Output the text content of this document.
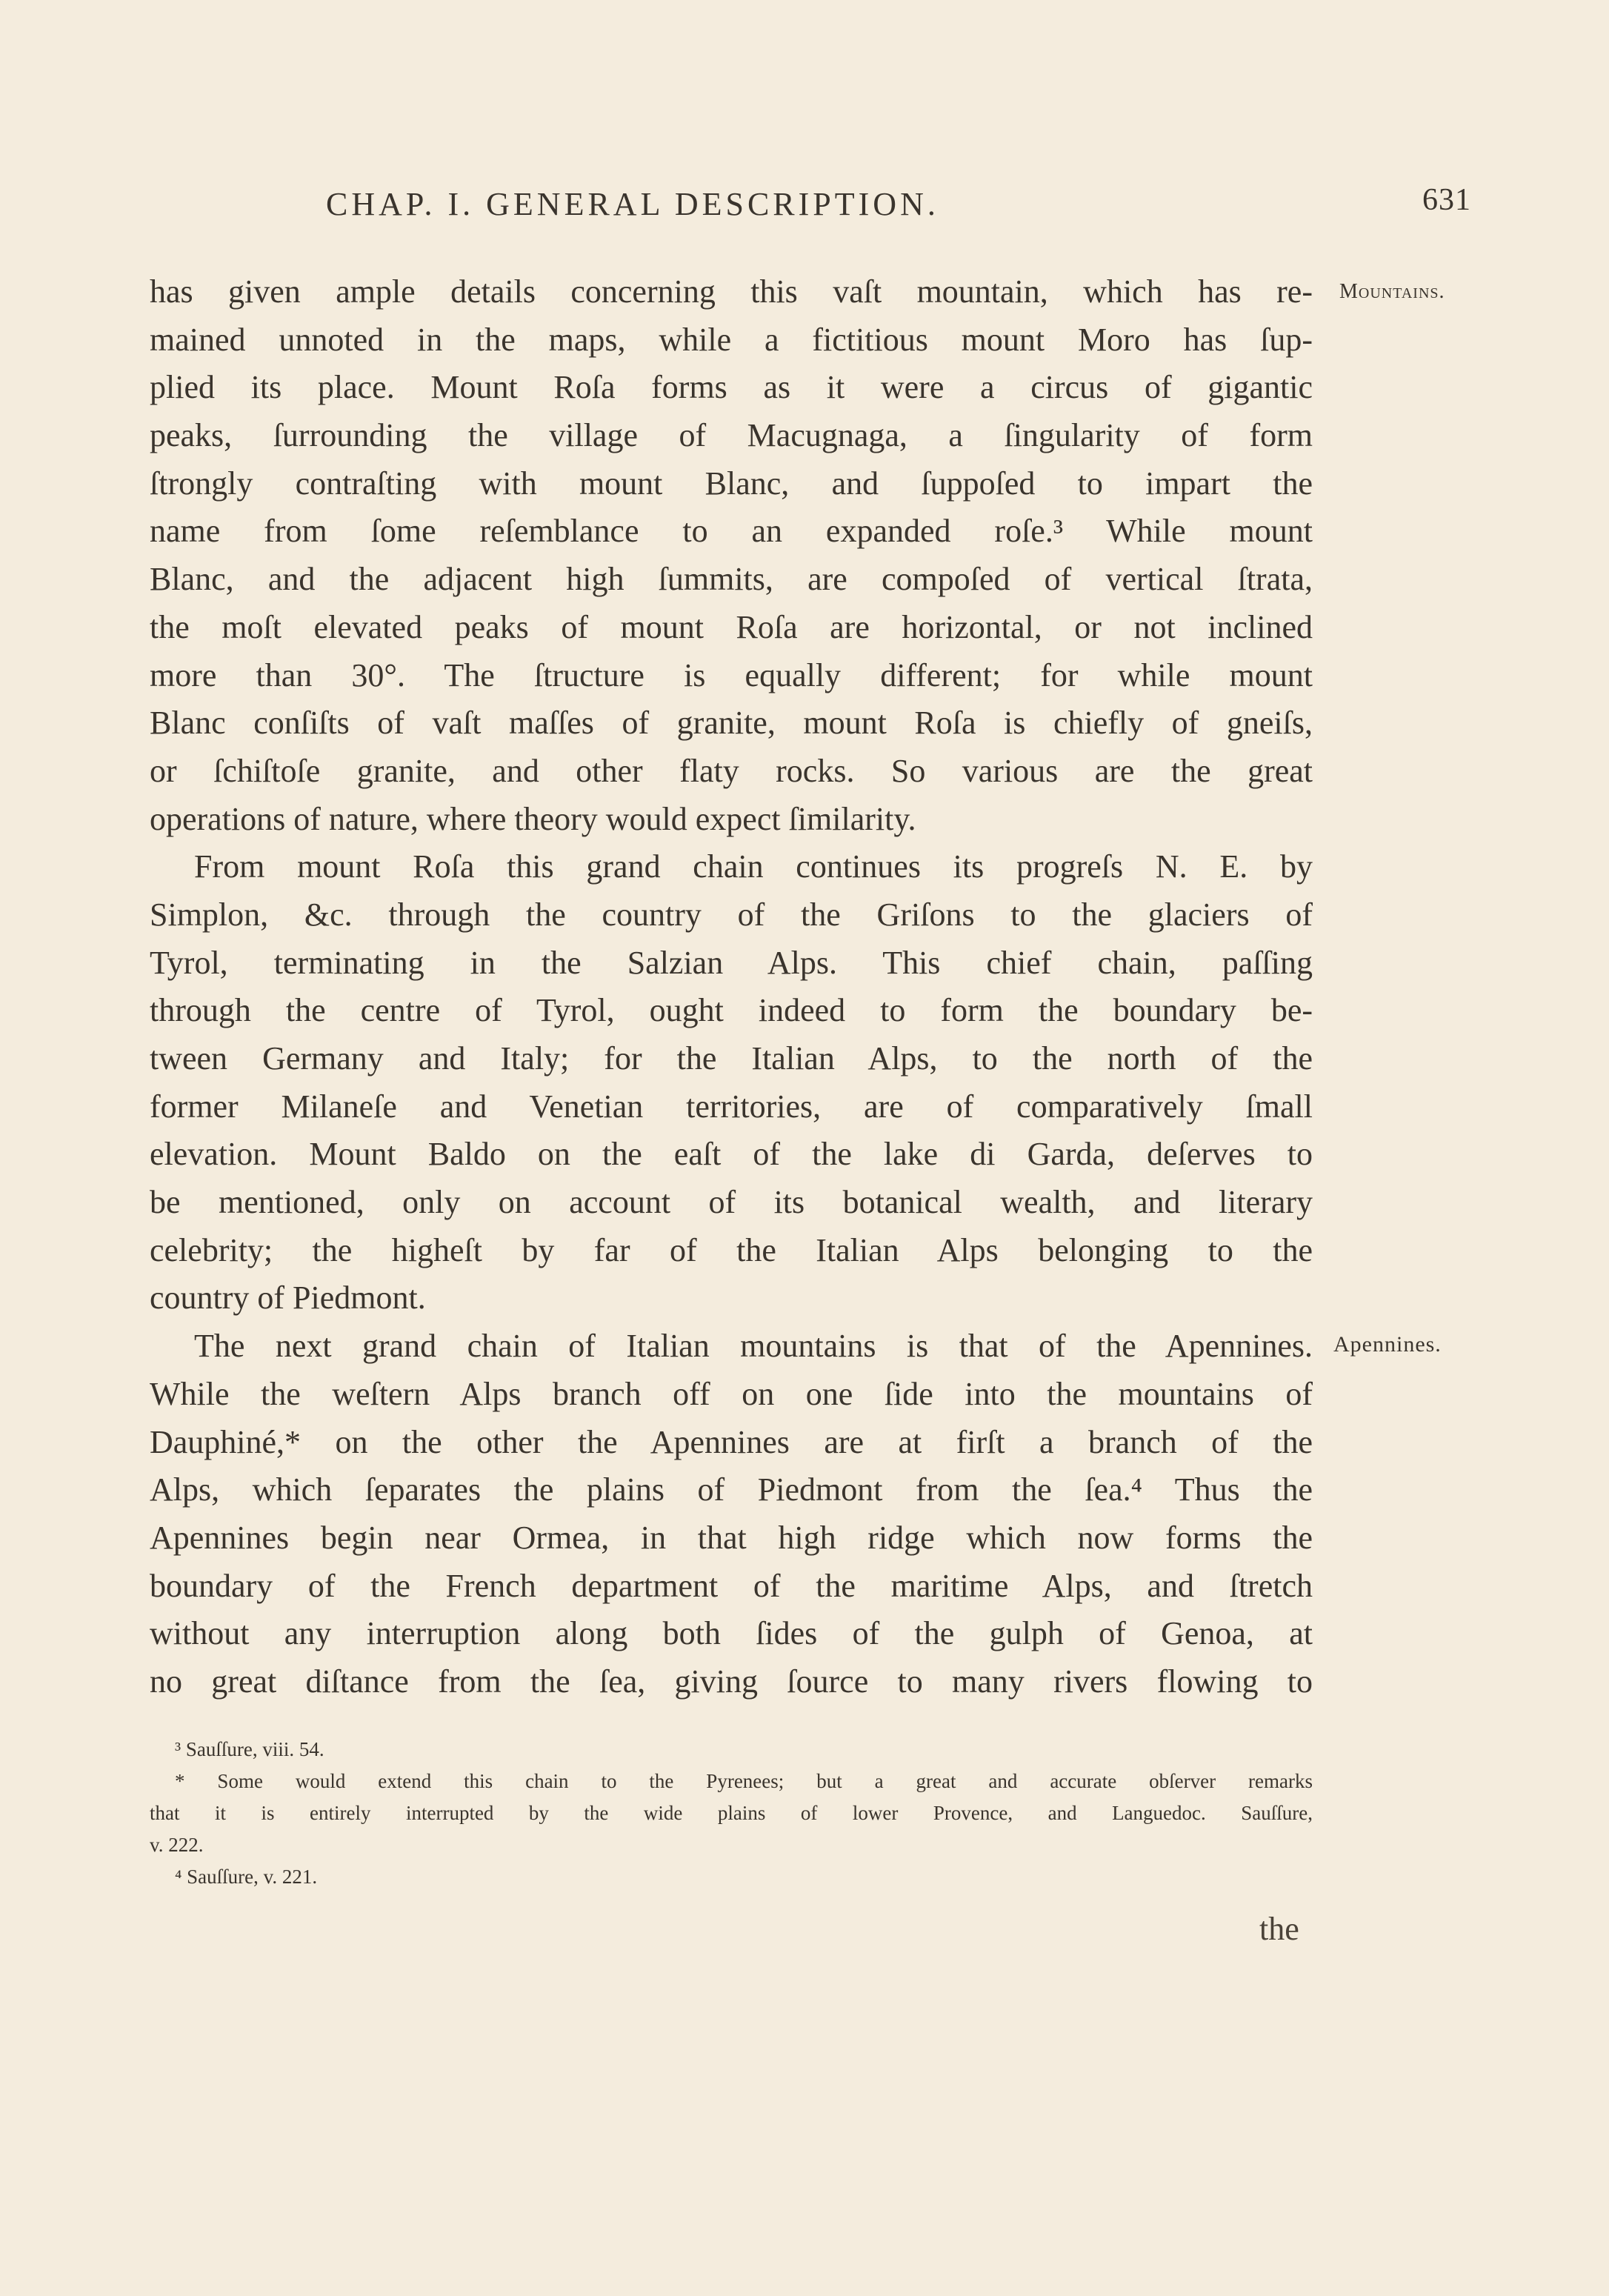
CHAP. I. GENERAL DESCRIPTION.	631
Mountains.
Apennines.
has given ample details concerning this vaſt mountain, which has re-
mained unnoted in the maps, while a fictitious mount Moro has ſup-
plied its place. Mount Roſa forms as it were a circus of gigantic
peaks, ſurrounding the village of Macugnaga, a ſingularity of form
ſtrongly contraſting with mount Blanc, and ſuppoſed to impart the
name from ſome reſemblance to an expanded roſe.³ While mount
Blanc, and the adjacent high ſummits, are compoſed of vertical ſtrata,
the moſt elevated peaks of mount Roſa are horizontal, or not inclined
more than 30°. The ſtructure is equally different; for while mount
Blanc conſiſts of vaſt maſſes of granite, mount Roſa is chiefly of gneiſs,
or ſchiſtoſe granite, and other flaty rocks. So various are the great
operations of nature, where theory would expect ſimilarity.
From mount Roſa this grand chain continues its progreſs N. E. by
Simplon, &c. through the country of the Griſons to the glaciers of
Tyrol, terminating in the Salzian Alps. This chief chain, paſſing
through the centre of Tyrol, ought indeed to form the boundary be-
tween Germany and Italy; for the Italian Alps, to the north of the
former Milaneſe and Venetian territories, are of comparatively ſmall
elevation. Mount Baldo on the eaſt of the lake di Garda, deſerves to
be mentioned, only on account of its botanical wealth, and literary
celebrity; the higheſt by far of the Italian Alps belonging to the
country of Piedmont.
The next grand chain of Italian mountains is that of the Apennines.
While the weſtern Alps branch off on one ſide into the mountains of
Dauphiné,* on the other the Apennines are at firſt a branch of the
Alps, which ſeparates the plains of Piedmont from the ſea.⁴ Thus the
Apennines begin near Ormea, in that high ridge which now forms the
boundary of the French department of the maritime Alps, and ſtretch
without any interruption along both ſides of the gulph of Genoa, at
no great diſtance from the ſea, giving ſource to many rivers flowing to
³ Sauſſure, viii. 54.
* Some would extend this chain to the Pyrenees; but a great and accurate obſerver remarks
that it is entirely interrupted by the wide plains of lower Provence, and Languedoc. Sauſſure,
v. 222.
⁴ Sauſſure, v. 221.
the
